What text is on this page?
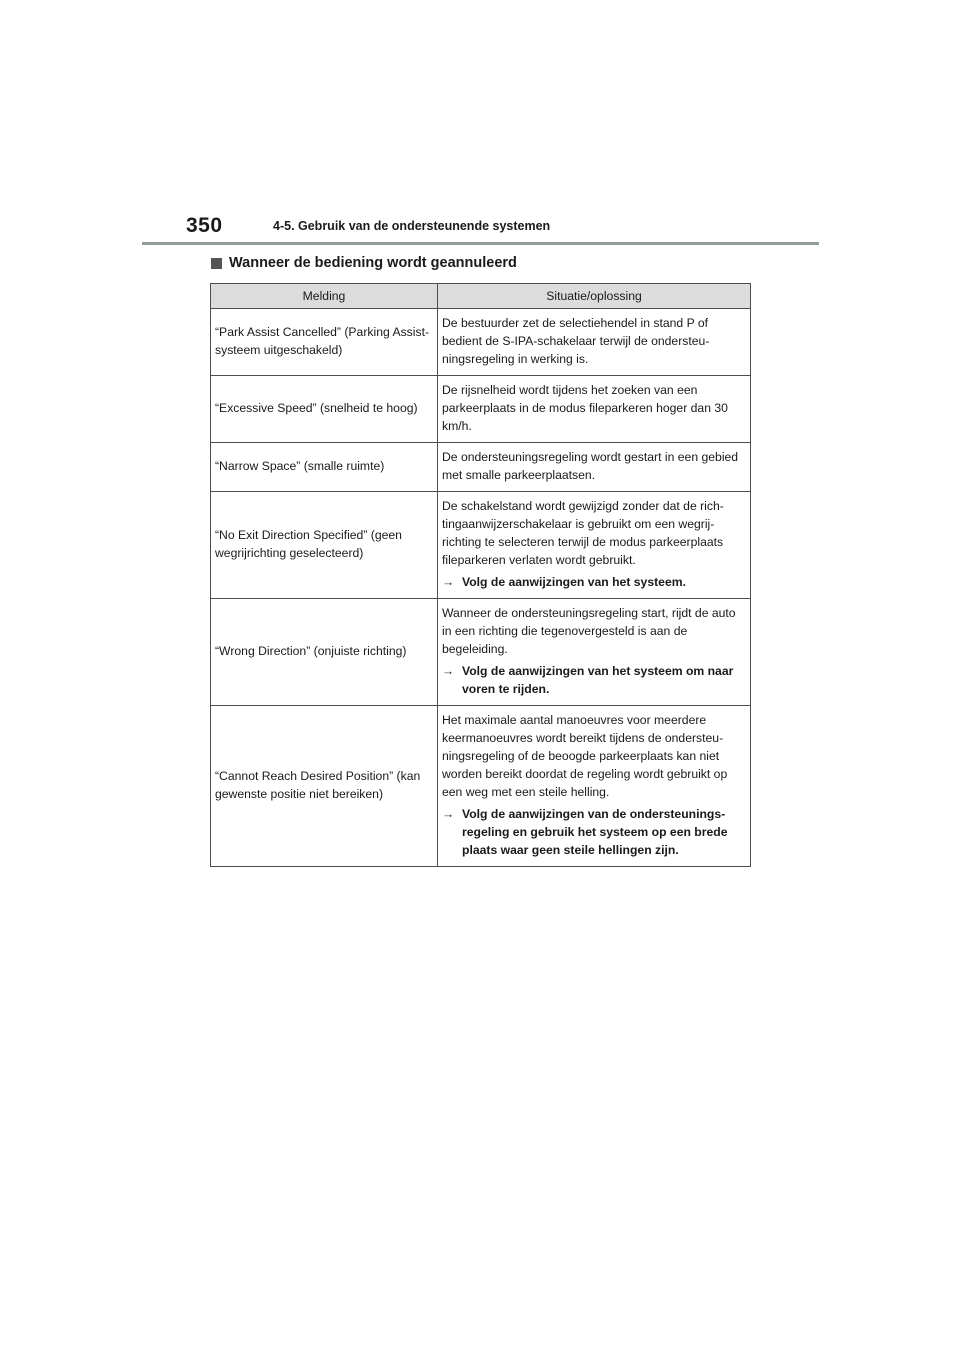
350	4-5. Gebruik van de ondersteunende systemen
Wanneer de bediening wordt geannuleerd
Melding	Situatie/oplossing
“Park Assist Cancelled” (Parking Assist-systeem uitgeschakeld)	De bestuurder zet de selectiehendel in stand P of bedient de S-IPA-schakelaar terwijl de ondersteuningsregeling in werking is.

“Excessive Speed” (snelheid te hoog)	De rijsnelheid wordt tijdens het zoeken van een parkeerplaats in de modus fileparkeren hoger dan 30 km/h.

“Narrow Space” (smalle ruimte)	De ondersteuningsregeling wordt gestart in een gebied met smalle parkeerplaatsen.

“No Exit Direction Specified” (geen wegrijrichting geselecteerd)	De schakelstand wordt gewijzigd zonder dat de richtingaanwijzerschakelaar is gebruikt om een wegrijrichting te selecteren terwijl de modus parkeerplaats fileparkeren verlaten wordt gebruikt.
→ Volg de aanwijzingen van het systeem.

“Wrong Direction” (onjuiste richting)	Wanneer de ondersteuningsregeling start, rijdt de auto in een richting die tegenovergesteld is aan de begeleiding.
→ Volg de aanwijzingen van het systeem om naar voren te rijden.

“Cannot Reach Desired Position” (kan gewenste positie niet bereiken)	Het maximale aantal manoeuvres voor meerdere keermanoeuvres wordt bereikt tijdens de ondersteuningsregeling of de beoogde parkeerplaats kan niet worden bereikt doordat de regeling wordt gebruikt op een weg met een steile helling.
→ Volg de aanwijzingen van de ondersteuningsregeling en gebruik het systeem op een brede plaats waar geen steile hellingen zijn.
